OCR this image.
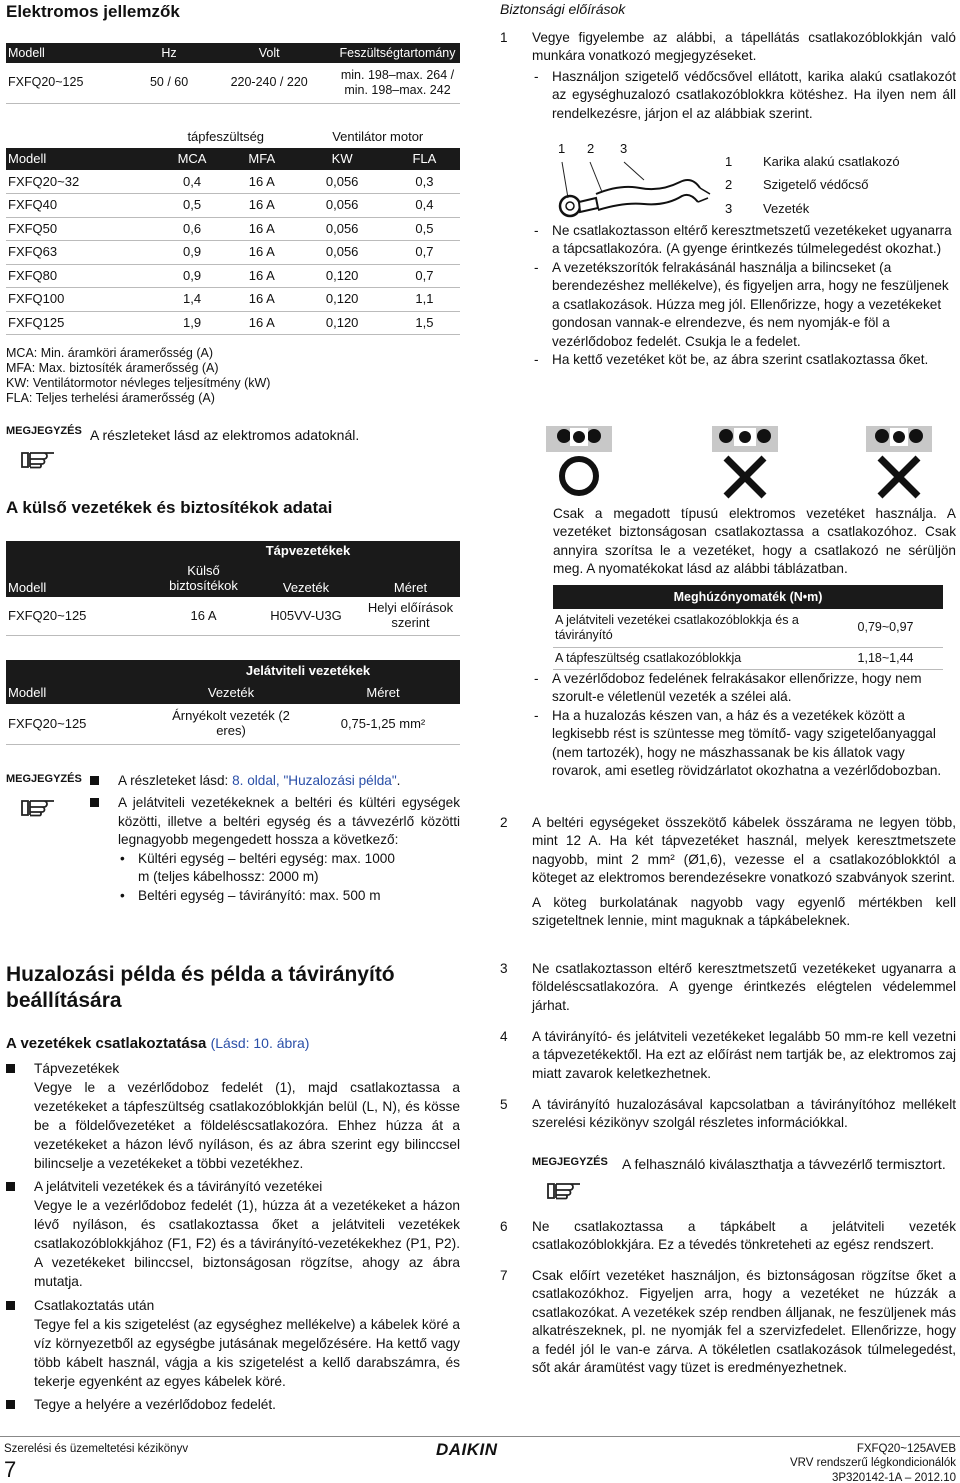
Elektromos jellemzők
Modell	Hz	Volt	Feszültségtartomány
FXFQ20~125	50 / 60	220-240 / 220	min. 198–max. 264 / min. 198–max. 242
	tápfeszültség		Ventilátor motor	
Modell	MCA	MFA	KW	FLA
FXFQ20~32	0,4	16 A	0,056	0,3
FXFQ40	0,5	16 A	0,056	0,4
FXFQ50	0,6	16 A	0,056	0,5
FXFQ63	0,9	16 A	0,056	0,7
FXFQ80	0,9	16 A	0,120	0,7
FXFQ100	1,4	16 A	0,120	1,1
FXFQ125	1,9	16 A	0,120	1,5
MCA: Min. áramköri áramerősség (A)
MFA: Max. biztosíték áramerősség (A)
KW: Ventilátormotor névleges teljesítmény (kW)
FLA: Teljes terhelési áramerősség (A)
MEGJEGYZÉS A részleteket lásd az elektromos adatoknál.
A külső vezetékek és biztosítékok adatai
	Tápvezetékek		
Modell	Külső biztosítékok	Vezeték	Méret
FXFQ20~125	16 A	H05VV-U3G	Helyi előírások szerint
	Jelátviteli vezetékek	
Modell	Vezeték	Méret
FXFQ20~125	Árnyékolt vezeték (2 eres)	0,75-1,25 mm²
MEGJEGYZÉS	A részleteket lásd: 8. oldal, "Huzalozási példa".
A jelátviteli vezetékeknek a beltéri és kültéri egységek közötti, illetve a beltéri egység és a távvezérlő közötti legnagyobb megengedett hossza a következő:
• Kültéri egység – beltéri egység: max. 1000 m (teljes kábelhossz: 2000 m)
• Beltéri egység – távirányító: max. 500 m
Huzalozási példa és példa a távirányító beállítására
A vezetékek csatlakoztatása (Lásd: 10. ábra)
Tápvezetékek
Vegye le a vezérlődoboz fedelét (1), majd csatlakoztassa a vezetékeket a tápfeszültség csatlakozóblokkján belül (L, N), és kösse be a földelővezetéket a földeléscsatlakozóra. Ehhez húzza át a vezetékeket a házon lévő nyíláson, és az ábra szerint egy bilinccsel bilincselje a vezetékeket a többi vezetékhez.
A jelátviteli vezetékek és a távirányító vezetékei
Vegye le a vezérlődoboz fedelét (1), húzza át a vezetékeket a házon lévő nyíláson, és csatlakoztassa őket a jelátviteli vezetékek csatlakozóblokkjához (F1, F2) és a távirányító-vezetékekhez (P1, P2). A vezetékeket bilinccsel, biztonságosan rögzítse, ahogy az ábra mutatja.
Csatlakoztatás után
Tegye fel a kis szigetelést (az egységhez mellékelve) a kábelek köré a víz környezetből az egységbe jutásának megelőzésére. Ha kettő vagy több kábelt használ, vágja a kis szigetelést a kellő darabszámra, és tekerje egyenként az egyes kábelek köré.
Tegye a helyére a vezérlődoboz fedelét.
Biztonsági előírások
1 Vegye figyelembe az alábbi, a tápellátás csatlakozóblokkján való munkára vonatkozó megjegyzéseket.
- Használjon szigetelő védőcsővel ellátott, karika alakú csatlakozót az egységhuzalozó csatlakozóblokkra kötéshez. Ha ilyen nem áll rendelkezésre, járjon el az alábbiak szerint.
1 2 3
1	Karika alakú csatlakozó
2	Szigetelő védőcső
3	Vezeték
- Ne csatlakoztasson eltérő keresztmetszetű vezetékeket ugyanarra a tápcsatlakozóra. (A gyenge érintkezés túlmelegedést okozhat.)
- A vezetékszorítók felrakásánál használja a bilincseket (a berendezéshez mellékelve), és figyeljen arra, hogy ne feszüljenek a csatlakozások. Húzza meg jól. Ellenőrizze, hogy a vezetékeket gondosan vannak-e elrendezve, és nem nyomják-e föl a vezérlődoboz fedelét. Csukja le a fedelet.
- Ha kettő vezetéket köt be, az ábra szerint csatlakoztassa őket.
Csak a megadott típusú elektromos vezetéket használja. A vezetéket biztonságosan csatlakoztassa a csatlakozóhoz. Csak annyira szorítsa le a vezetéket, hogy a csatlakozó ne sérüljön meg. A nyomatékokat lásd az alábbi táblázatban.
Meghúzónyomaték (N•m)	
A jelátviteli vezetékei csatlakozóblokkja és a távirányító	0,79~0,97
A tápfeszültség csatlakozóblokkja	1,18~1,44
- A vezérlődoboz fedelének felrakásakor ellenőrizze, hogy nem szorult-e véletlenül vezeték a szélei alá.
- Ha a huzalozás készen van, a ház és a vezetékek között a legkisebb rést is szüntesse meg tömítő- vagy szigetelőanyaggal (nem tartozék), hogy ne mászhassanak be kis állatok vagy rovarok, ami esetleg rövidzárlatot okozhatna a vezérlődobozban.
2 A beltéri egységeket összekötő kábelek összárama ne legyen több, mint 12 A. Ha két tápvezetéket használ, melyek keresztmetszete nagyobb, mint 2 mm² (Ø1,6), vezesse el a csatlakozóblokktól a köteget az elektromos berendezésekre vonatkozó szabványok szerint.
A köteg burkolatának nagyobb vagy egyenlő mértékben kell szigeteltnek lennie, mint maguknak a tápkábeleknek.
3 Ne csatlakoztasson eltérő keresztmetszetű vezetékeket ugyanarra a földeléscsatlakozóra. A gyenge érintkezés elégtelen védelemmel járhat.
4 A távirányító- és jelátviteli vezetékeket legalább 50 mm-re kell vezetni a tápvezetékektől. Ha ezt az előírást nem tartják be, az elektromos zaj miatt zavarok keletkezhetnek.
5 A távirányító huzalozásával kapcsolatban a távirányítóhoz mellékelt szerelési kézikönyv szolgál részletes információkkal.
MEGJEGYZÉS	A felhasználó kiválaszthatja a távvezérlő termisztort.
6 Ne csatlakoztassa a tápkábelt a jelátviteli vezeték csatlakozóblokkjára. Ez a tévedés tönkreteheti az egész rendszert.
7 Csak előírt vezetéket használjon, és biztonságosan rögzítse őket a csatlakozókhoz. Figyeljen arra, hogy a vezetéket ne húzzák a csatlakozókat. A vezetékek szép rendben álljanak, ne feszüljenek más alkatrészeknek, pl. ne nyomják fel a szervizfedelet. Ellenőrizze, hogy a fedél jól le van-e zárva. A tökéletlen csatlakozások túlmelegedést, sőt akár áramütést vagy tüzet is eredményezhetnek.
Szerelési és üzemeltetési kézikönyv
7
DAIKIN	FXFQ20~125AVEB
VRV rendszerű légkondicionálók
3P320142-1A – 2012.10
